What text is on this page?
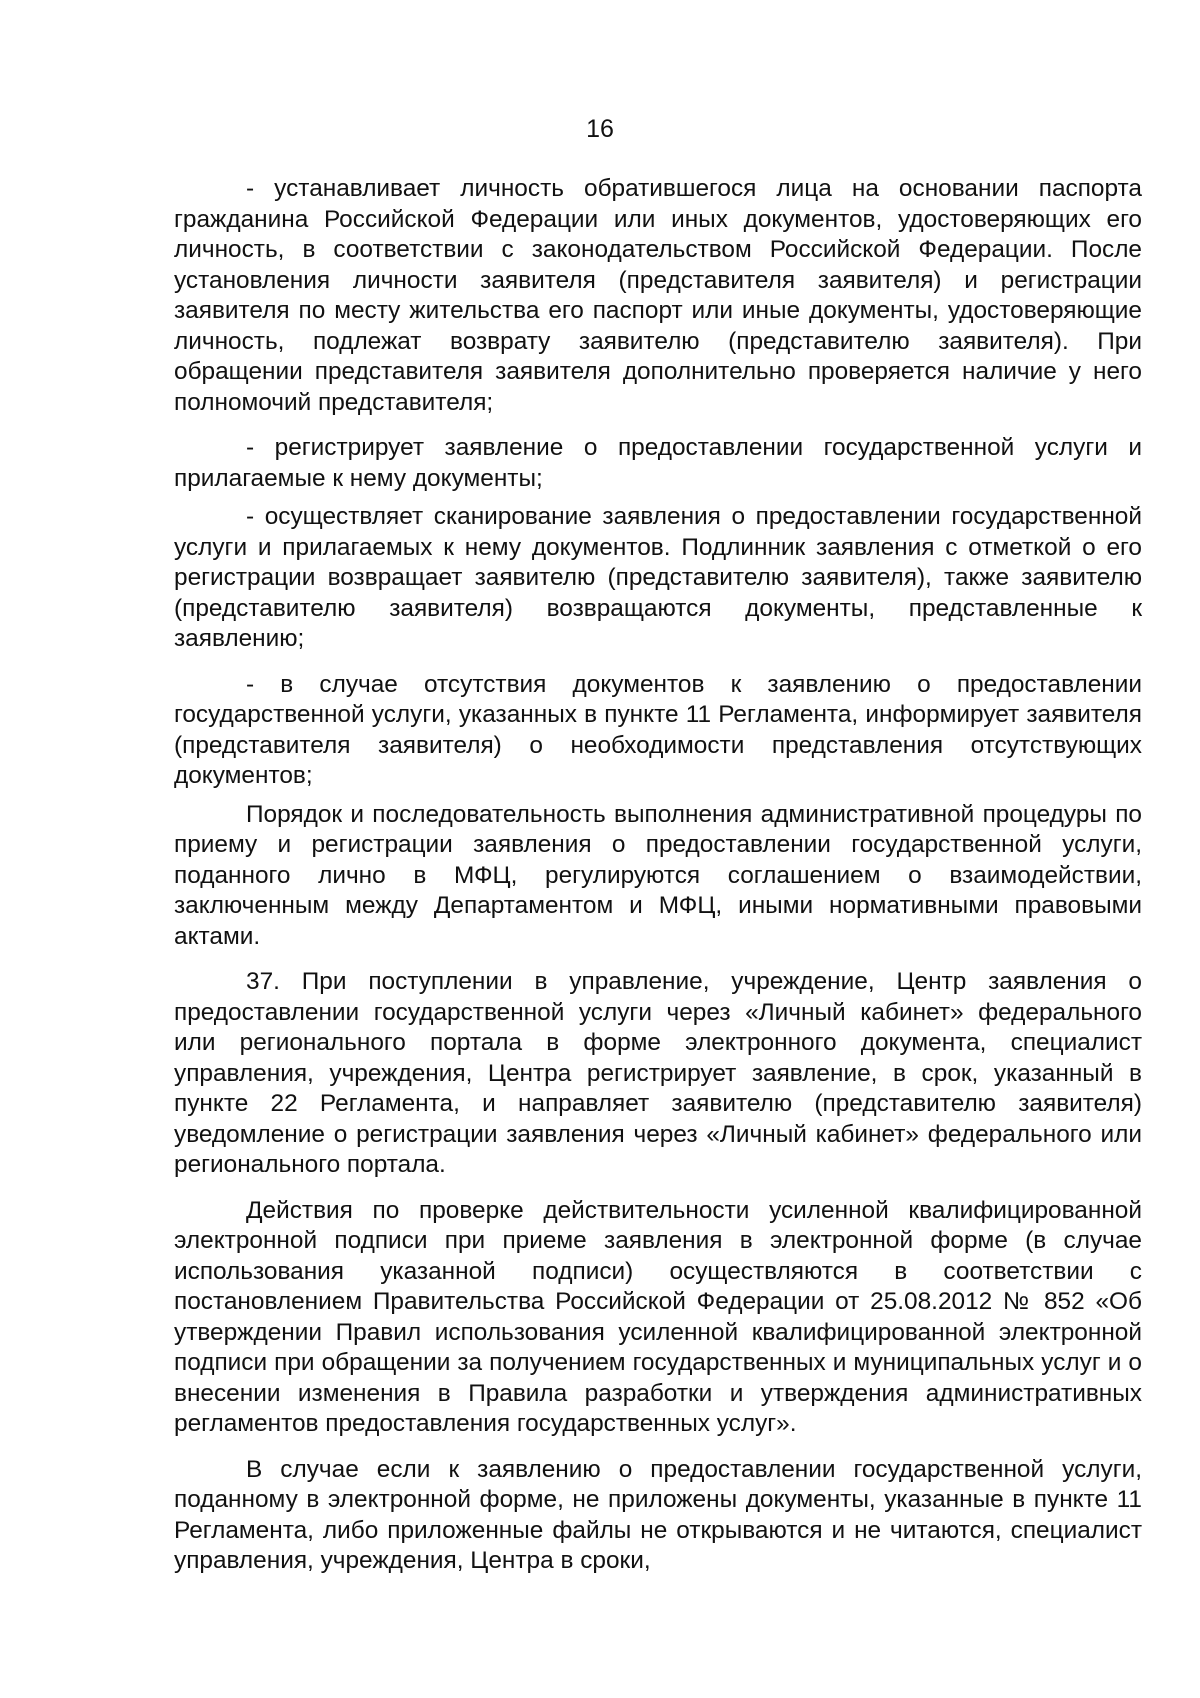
16

- устанавливает личность обратившегося лица на основании паспорта гражданина Российской Федерации или иных документов, удостоверяющих его личность, в соответствии с законодательством Российской Федерации. После установления личности заявителя (представителя заявителя) и регистрации заявителя по месту жительства его паспорт или иные документы, удостоверяющие личность, подлежат возврату заявителю (представителю заявителя). При обращении представителя заявителя дополнительно проверяется наличие у него полномочий представителя;

- регистрирует заявление о предоставлении государственной услуги и прилагаемые к нему документы;

- осуществляет сканирование заявления о предоставлении государственной услуги и прилагаемых к нему документов. Подлинник заявления с отметкой о его регистрации возвращает заявителю (представителю заявителя), также заявителю (представителю заявителя) возвращаются документы, представленные к заявлению;

- в случае отсутствия документов к заявлению о предоставлении государственной услуги, указанных в пункте 11 Регламента, информирует заявителя (представителя заявителя) о необходимости представления отсутствующих документов;

Порядок и последовательность выполнения административной процедуры по приему и регистрации заявления о предоставлении государственной услуги, поданного лично в МФЦ, регулируются соглашением о взаимодействии, заключенным между Департаментом и МФЦ, иными нормативными правовыми актами.

37. При поступлении в управление, учреждение, Центр заявления о предоставлении государственной услуги через «Личный кабинет» федерального или регионального портала в форме электронного документа, специалист управления, учреждения, Центра регистрирует заявление, в срок, указанный в пункте 22 Регламента, и направляет заявителю (представителю заявителя) уведомление о регистрации заявления через «Личный кабинет» федерального или регионального портала.

Действия по проверке действительности усиленной квалифицированной электронной подписи при приеме заявления в электронной форме (в случае использования указанной подписи) осуществляются в соответствии с постановлением Правительства Российской Федерации от 25.08.2012 № 852 «Об утверждении Правил использования усиленной квалифицированной электронной подписи при обращении за получением государственных и муниципальных услуг и о внесении изменения в Правила разработки и утверждения административных регламентов предоставления государственных услуг».

В случае если к заявлению о предоставлении государственной услуги, поданному в электронной форме, не приложены документы, указанные в пункте 11 Регламента, либо приложенные файлы не открываются и не читаются, специалист управления, учреждения, Центра в сроки,
